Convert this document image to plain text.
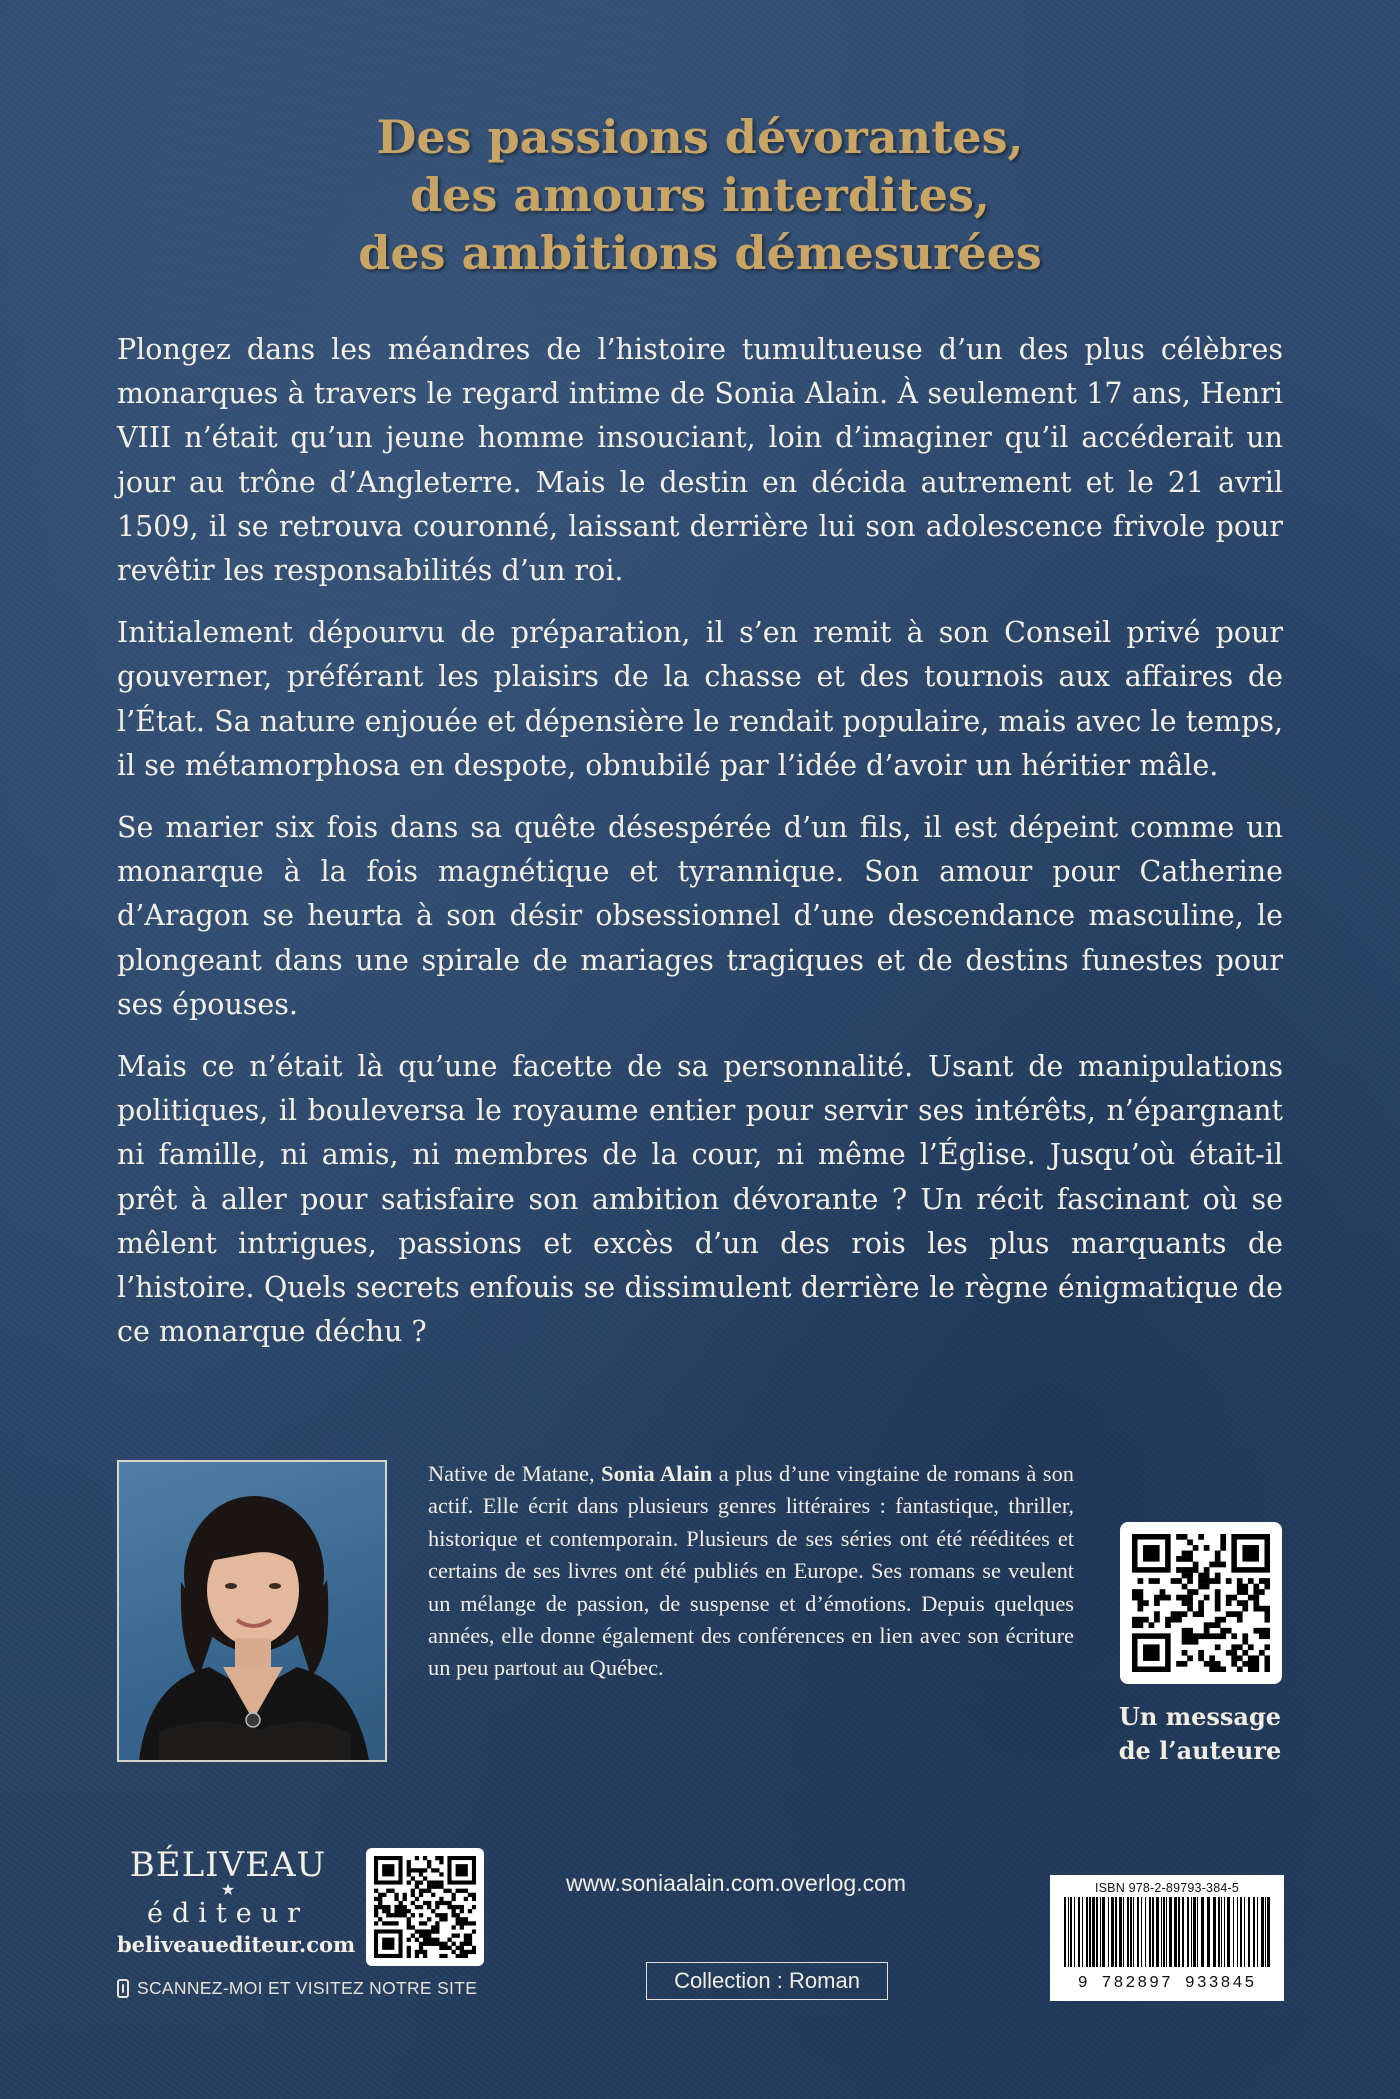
Des passions dévorantes,
des amours interdites,
des ambitions démesurées

Plongez dans les méandres de l’histoire tumultueuse d’un des plus célèbres monarques à travers le regard intime de Sonia Alain. À seulement 17 ans, Henri VIII n’était qu’un jeune homme insouciant, loin d’imaginer qu’il accéderait un jour au trône d’Angleterre. Mais le destin en décida autrement et le 21 avril 1509, il se retrouva couronné, laissant derrière lui son adolescence frivole pour revêtir les responsabilités d’un roi.

Initialement dépourvu de préparation, il s’en remit à son Conseil privé pour gouverner, préférant les plaisirs de la chasse et des tournois aux affaires de l’État. Sa nature enjouée et dépensière le rendait populaire, mais avec le temps, il se métamorphosa en despote, obnubilé par l’idée d’avoir un héritier mâle.

Se marier six fois dans sa quête désespérée d’un fils, il est dépeint comme un monarque à la fois magnétique et tyrannique. Son amour pour Catherine d’Aragon se heurta à son désir obsessionnel d’une descendance masculine, le plongeant dans une spirale de mariages tragiques et de destins funestes pour ses épouses.

Mais ce n’était là qu’une facette de sa personnalité. Usant de manipulations politiques, il bouleversa le royaume entier pour servir ses intérêts, n’épargnant ni famille, ni amis, ni membres de la cour, ni même l’Église. Jusqu’où était-il prêt à aller pour satisfaire son ambition dévorante ? Un récit fascinant où se mêlent intrigues, passions et excès d’un des rois les plus marquants de l’histoire. Quels secrets enfouis se dissimulent derrière le règne énigmatique de ce monarque déchu ?

Native de Matane, Sonia Alain a plus d’une vingtaine de romans à son actif. Elle écrit dans plusieurs genres littéraires : fantastique, thriller, historique et contemporain. Plusieurs de ses séries ont été rééditées et certains de ses livres ont été publiés en Europe. Ses romans se veulent un mélange de passion, de suspense et d’émotions. Depuis quelques années, elle donne également des conférences en lien avec son écriture un peu partout au Québec.
Un message
de l’auteure
BÉLIVEAU
★
éditeur
beliveauediteur.com
SCANNEZ-MOI ET VISITEZ NOTRE SITE
www.soniaalain.com.overlog.com
Collection : Roman
ISBN 978-2-89793-384-5
9 782897 933845
